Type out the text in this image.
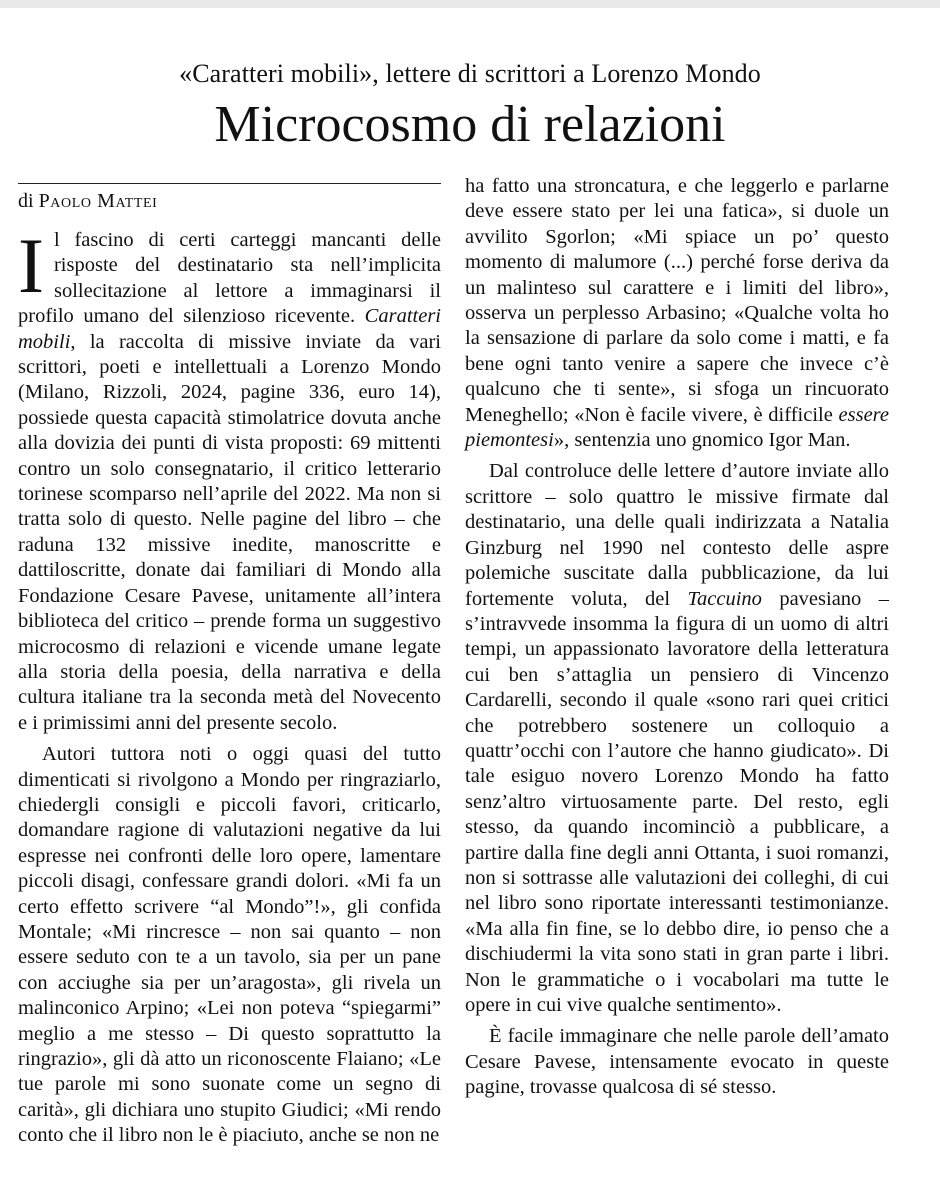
«Caratteri mobili», lettere di scrittori a Lorenzo Mondo
Microcosmo di relazioni
di Paolo Mattei

Il fascino di certi carteggi mancanti delle risposte del destinatario sta nell’implicita sollecitazione al lettore a immaginarsi il profilo umano del silenzioso ricevente. Caratteri mobili, la raccolta di missive inviate da vari scrittori, poeti e intellettuali a Lorenzo Mondo (Milano, Rizzoli, 2024, pagine 336, euro 14), possiede questa capacità stimolatrice dovuta anche alla dovizia dei punti di vista proposti: 69 mittenti contro un solo consegnatario, il critico letterario torinese scomparso nell’aprile del 2022. Ma non si tratta solo di questo. Nelle pagine del libro – che raduna 132 missive inedite, manoscritte e dattiloscritte, donate dai familiari di Mondo alla Fondazione Cesare Pavese, unitamente all’intera biblioteca del critico – prende forma un suggestivo microcosmo di relazioni e vicende umane legate alla storia della poesia, della narrativa e della cultura italiane tra la seconda metà del Novecento e i primissimi anni del presente secolo.

Autori tuttora noti o oggi quasi del tutto dimenticati si rivolgono a Mondo per ringraziarlo, chiedergli consigli e piccoli favori, criticarlo, domandare ragione di valutazioni negative da lui espresse nei confronti delle loro opere, lamentare piccoli disagi, confessare grandi dolori. «Mi fa un certo effetto scrivere “al Mondo”!», gli confida Montale; «Mi rincresce – non sai quanto – non essere seduto con te a un tavolo, sia per un pane con acciughe sia per un’aragosta», gli rivela un malinconico Arpino; «Lei non poteva “spiegarmi” meglio a me stesso – Di questo soprattutto la ringrazio», gli dà atto un riconoscente Flaiano; «Le tue parole mi sono suonate come un segno di carità», gli dichiara uno stupito Giudici; «Mi rendo conto che il libro non le è piaciuto, anche se non ne

ha fatto una stroncatura, e che leggerlo e parlarne deve essere stato per lei una fatica», si duole un avvilito Sgorlon; «Mi spiace un po’ questo momento di malumore (...) perché forse deriva da un malinteso sul carattere e i limiti del libro», osserva un perplesso Arbasino; «Qualche volta ho la sensazione di parlare da solo come i matti, e fa bene ogni tanto venire a sapere che invece c’è qualcuno che ti sente», si sfoga un rincuorato Meneghello; «Non è facile vivere, è difficile essere piemontesi», sentenzia uno gnomico Igor Man.

Dal controluce delle lettere d’autore inviate allo scrittore – solo quattro le missive firmate dal destinatario, una delle quali indirizzata a Natalia Ginzburg nel 1990 nel contesto delle aspre polemiche suscitate dalla pubblicazione, da lui fortemente voluta, del Taccuino pavesiano – s’intravvede insomma la figura di un uomo di altri tempi, un appassionato lavoratore della letteratura cui ben s’attaglia un pensiero di Vincenzo Cardarelli, secondo il quale «sono rari quei critici che potrebbero sostenere un colloquio a quattr’occhi con l’autore che hanno giudicato». Di tale esiguo novero Lorenzo Mondo ha fatto senz’altro virtuosamente parte. Del resto, egli stesso, da quando incominciò a pubblicare, a partire dalla fine degli anni Ottanta, i suoi romanzi, non si sottrasse alle valutazioni dei colleghi, di cui nel libro sono riportate interessanti testimonianze. «Ma alla fin fine, se lo debbo dire, io penso che a dischiudermi la vita sono stati in gran parte i libri. Non le grammatiche o i vocabolari ma tutte le opere in cui vive qualche sentimento».

È facile immaginare che nelle parole dell’amato Cesare Pavese, intensamente evocato in queste pagine, trovasse qualcosa di sé stesso.
